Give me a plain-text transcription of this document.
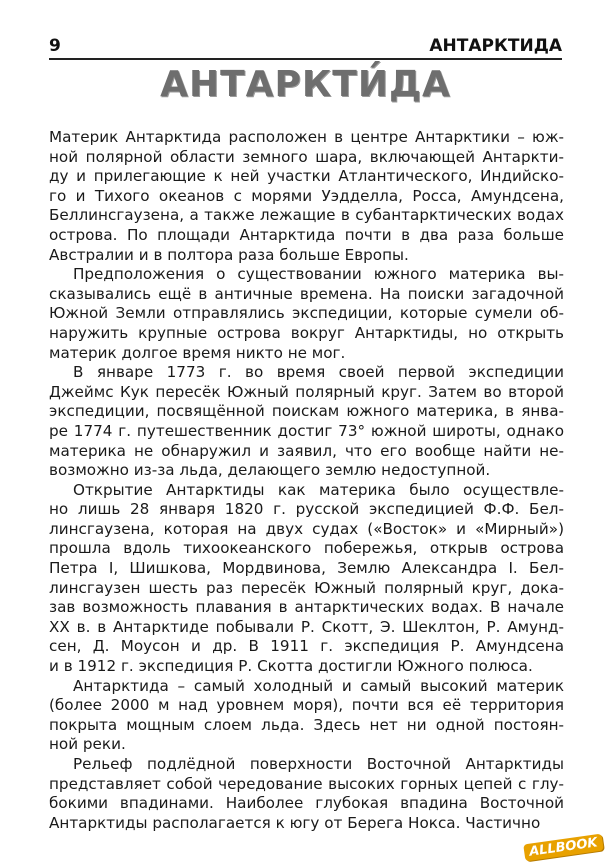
9	АНТАРКТИДА
АНТАРКТИ́ДА
Материк Антарктида расположен в центре Антарктики – юж-
ной полярной области земного шара, включающей Антаркти-
ду и прилегающие к ней участки Атлантического, Индийско-
го и Тихого океанов с морями Уэдделла, Росса, Амундсена,
Беллинсгаузена, а также лежащие в субантарктических водах
острова. По площади Антарктида почти в два раза больше
Австралии и в полтора раза больше Европы.
Предположения о существовании южного материка вы-
сказывались ещё в античные времена. На поиски загадочной
Южной Земли отправлялись экспедиции, которые сумели об-
наружить крупные острова вокруг Антарктиды, но открыть
материк долгое время никто не мог.
В январе 1773 г. во время своей первой экспедиции
Джеймс Кук пересёк Южный полярный круг. Затем во второй
экспедиции, посвящённой поискам южного материка, в янва-
ре 1774 г. путешественник достиг 73° южной широты, однако
материка не обнаружил и заявил, что его вообще найти не-
возможно из-за льда, делающего землю недоступной.
Открытие Антарктиды как материка было осуществле-
но лишь 28 января 1820 г. русской экспедицией Ф.Ф. Бел-
линсгаузена, которая на двух судах («Восток» и «Мирный»)
прошла вдоль тихоокеанского побережья, открыв острова
Петра I, Шишкова, Мордвинова, Землю Александра I. Бел-
линсгаузен шесть раз пересёк Южный полярный круг, дока-
зав возможность плавания в антарктических водах. В начале
XX в. в Антарктиде побывали Р. Скотт, Э. Шеклтон, Р. Амунд-
сен, Д. Моусон и др. В 1911 г. экспедиция Р. Амундсена
и в 1912 г. экспедиция Р. Скотта достигли Южного полюса.
Антарктида – самый холодный и самый высокий материк
(более 2000 м над уровнем моря), почти вся её территория
покрыта мощным слоем льда. Здесь нет ни одной постоян-
ной реки.
Рельеф подлёдной поверхности Восточной Антарктиды
представляет собой чередование высоких горных цепей с глу-
бокими впадинами. Наиболее глубокая впадина Восточной
Антарктиды располагается к югу от Берега Нокса. Частично
ALLBOOK
